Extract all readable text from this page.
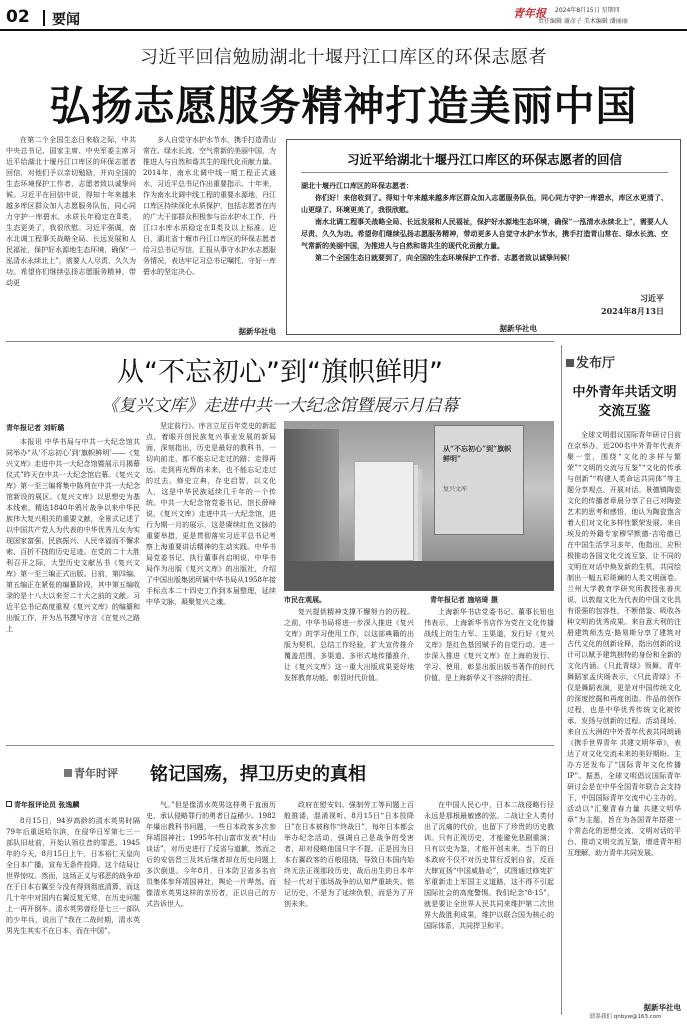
02 要闻	青年报 2024年8月15日 星期四
责任编辑 谢彦子 美术编辑 潘丽丽
习近平回信勉励湖北十堰丹江口库区的环保志愿者
弘扬志愿服务精神打造美丽中国

在第二个全国生态日来临之际，中共中央总书记、国家主席、中央军委主席习近平给湖北十堰丹江口库区的环保志愿者回信，对他们予以亲切勉励，并向全国的生态环境保护工作者、志愿者致以诚挚问候。习近平在回信中说，得知十年来越来越多库区群众加入志愿服务队伍，同心同力守护一库碧水，水质长年稳定在Ⅱ类，生态更美了，我很欣慰。习近平强调，南水北调工程事关战略全局、长远发展和人民福祉，保护好水源地生态环境，确保“一泓清水永续北上”，需要人人尽责、久久为功。希望你们继续弘扬志愿服务精神，带动更

多人自觉守水护水节水，携手打造青山常在、绿水长流、空气常新的美丽中国，为推进人与自然和谐共生的现代化贡献力量。2014年，南水北调中线一期工程正式通水，习近平总书记作出重要指示。十年来，作为南水北调中线工程的重要水源地，丹江口库区持续深化水质保护，包括志愿者在内的广大干部群众积极参与治水护水工作，丹江口水库水质稳定在Ⅱ类及以上标准。近日，湖北省十堰市丹江口库区的环保志愿者给习总书记写信，汇报从事守水护水志愿服务情况，表达牢记习总书记嘱托、守好一库碧水的坚定决心。

据新华社电
习近平给湖北十堰丹江口库区的环保志愿者的回信
湖北十堰丹江口库区的环保志愿者：
你们好！来信收到了。得知十年来越来越多库区群众加入志愿服务队伍，同心同力守护一库碧水，库区水更清了、山更绿了、环境更美了，我很欣慰。
南水北调工程事关战略全局、长远发展和人民福祉，保护好水源地生态环境，确保“一泓清水永续北上”，需要人人尽责、久久为功。希望你们继续弘扬志愿服务精神，带动更多人自觉守水护水节水，携手打造青山常在、绿水长流、空气常新的美丽中国，为推进人与自然和谐共生的现代化贡献力量。
第二个全国生态日就要到了，向全国的生态环境保护工作者、志愿者致以诚挚问候！
习近平
2024年8月13日
据新华社电
从“不忘初心”到“旗帜鲜明”
《复兴文库》走进中共一大纪念馆暨展示月启幕
青年报记者 刘昕璐

本报讯 中华书局与中共一大纪念馆共同举办“从‘不忘初心’到‘旗帜鲜明’——《复兴文库》走进中共一大纪念馆暨展示月揭幕仪式”昨天在中共一大纪念馆启幕。《复兴文库》第一至三编将集中陈列在中共一大纪念馆新设的展区。《复兴文库》以思想史为基本线索，精选1840年鸦片战争以来中华民族伟大复兴相关的重要文献，全景式记述了以中国共产党人为代表的中华优秀儿女为实现国家富强、民族振兴、人民幸福而不懈求索、百折不挠的历史足迹。在党的二十大胜利召开之际，大型历史文献丛书《复兴文库》第一至三编正式出版。日前，第四编、第五编正在紧张的编纂阶段，其中第五编收录的是十八大以来至二十大之前的文献。习近平总书记高度重视《复兴文库》的编纂和出版工作，并为丛书撰写序言《在复兴之路上

坚定前行》。序言立足百年党史的新起点，着眼开创民族复兴事业发展的新局面，深刻指出，历史是最好的教科书，一切向前走，都不能忘记走过的路；走得再远、走到再光辉的未来，也不能忘记走过的过去。修史立典，存史启智，以文化人，这是中华民族延续几千年的一个传统。中共一大纪念馆党委书记、馆长薛峰说，《复兴文库》走进中共一大纪念馆，进行为期一月的展示，这是赓续红色文脉的重要举措，更是贯彻落实习近平总书记考察上海重要讲话精神的生动实践。中华书局党委书记、执行董事肖启明说，中华书局作为出版《复兴文库》的出版社，介绍了中国出版集团所属中华书局从1958年接手标点本二十四史工作到本届整理，延续中华文脉，凝聚复兴之魂。

从“不忘初心”到“旗帜鲜明”
复兴文库
市民在观展。	青年报记者 施培琦 摄

复兴提供精神支撑不懈努力的历程。之前，中华书局将进一步深入推进《复兴文库》的学习使用工作，以这部典籍的出版为契机，总结工作经验，扩大宣传推介覆盖范围，多渠道、多形式地传播推介，让《复兴文库》这一重大出版成果更好地发挥教育功能、彰显时代价值。

上海新华书店党委书记、董事长钮也伟表示，上海新华书店作为党在文化传播战线上的生力军、主渠道，发行好《复兴文库》是红色基因赋予的自觉行动。进一步深入推进《复兴文库》在上海的发行、学习、使用，彰显出版出版书著作的时代价值，是上海新华义不容辞的责任。

发布厅
中外青年共话文明交流互鉴

全球文明倡议国际青年研讨日前在京举办，近200名中外青年代表齐聚一堂，围绕“文化的多样与繁荣”“文明的交流与互鉴”“文化的传承与创新”“构建人类命运共同体”等主题分享观点、开展对话。景德镇陶瓷文化的传播者章晨分享了自己对陶瓷艺术的思考和感悟，他认为陶瓷饱含着人们对文化多样性繁荣发展。来自埃及的外籍专家穆罕默德·吉哈德已在中国生活学习多年，他指出，应积极推动各国文化交流互鉴，让不同的文明在对话中焕发新的生机，共同绘制出一幅五彩斑斓的人类文明画卷。兰州大学教育学研究所教授张善庆说，以敦煌文化为代表的中国文化具有很强的包容性，不断借鉴、吸收各种文明的优秀成果。来自意大利的注册建筑师杰克·路易斯分享了建筑对古代文化的创新诠释，指出创新的设计可以赋予建筑独特的身份和全新的文化内涵。《只此青绿》领舞、青年舞蹈家孟庆旸表示，《只此青绿》不仅是舞蹈表演，更是对中国传统文化的深度挖掘和再度创造。作品的创作过程，也是中华优秀传统文化被传承、发扬与创新的过程。活动现场，来自五大洲的中外青年代表共同朗诵《携手世界青年 共建文明华章》，表达了对文化交流未来的美好期盼。主办方还发布了“国际青年文化传播IP”。据悉，全球文明倡议国际青年研讨会是在中华全国青年联合会支持下，中国国际青年交流中心主办的。活动以“汇聚青春力量 共建文明华章”为主题，旨在为各国青年搭建一个常态化的思想交流、文明对话的平台，推动文明交流互鉴，增进青年相互理解，助力青年共同发展。

据新华社电
青年时评 铭记国殇，捍卫历史的真相
青年报评论员 张逸麟

8月15日，94岁高龄的清水英男时隔79年后重返哈尔滨，在侵华日军第七三一部队旧址前，开始认领往昔的罪恶。1945年的今天，8月15日上午，日本裕仁天皇向全日本广播，宣布无条件投降，这个结局让世界惊叹。然而，这场正义与邪恶的战争却在于日本右翼至今没有得到彻底清算，而这几十年中对国内右翼反复无常，在历史问题上一再开倒车。清水英男曾经是七三一部队的少年兵，说出了“我在二战时期，清水英男先生其实不在日本，而在中国”。

气。”但是像清水英男这样勇于直面历史、承认侵略罪行的勇者日益稀少。1982年爆出教科书问题，一些日本政客多次参拜靖国神社；1995年村山富市发表“村山谈话”，对历史进行了反省与道歉，然而之后的安倍晋三及其后继者却在历史问题上多次倒退。今年8月，日本防卫省多名官员集体参拜靖国神社，舆论一片哗然。而像清水英男这样的亲历者，正以自己的方式告诉世人。

政府在慰安妇、强制劳工等问题上百般推诿，混淆视听。8月15日“日本投降日”在日本被称作“终战日”，每年日本都会举办纪念活动，强调自己是战争的受害者，却对侵略他国只字不提。正是因为日本右翼政客的百般阻挠，导致日本国内始终无法正视那段历史，战后出生的日本年轻一代对于那场战争的认知严重缺失。铭记历史，不是为了延续仇恨，而是为了开创未来。

在中国人民心中，日本二战侵略行径永远是那根最敏感的弦。二战让全人类付出了沉痛的代价，也留下了珍贵的历史教训。只有正视历史，才能避免悲剧重演；只有以史为鉴，才能开创未来。当下的日本政府不仅不对历史罪行反躬自省，反而大肆宣扬“中国威胁论”，试图通过修宪扩军重新走上军国主义道路，这不得不引起国际社会的高度警惕。我们纪念“8·15”，就是要让全世界人民共同来维护第二次世界大战胜利成果，维护以联合国为核心的国际体系，共同捍卫和平。

联系我们 qnbyw@163.com
